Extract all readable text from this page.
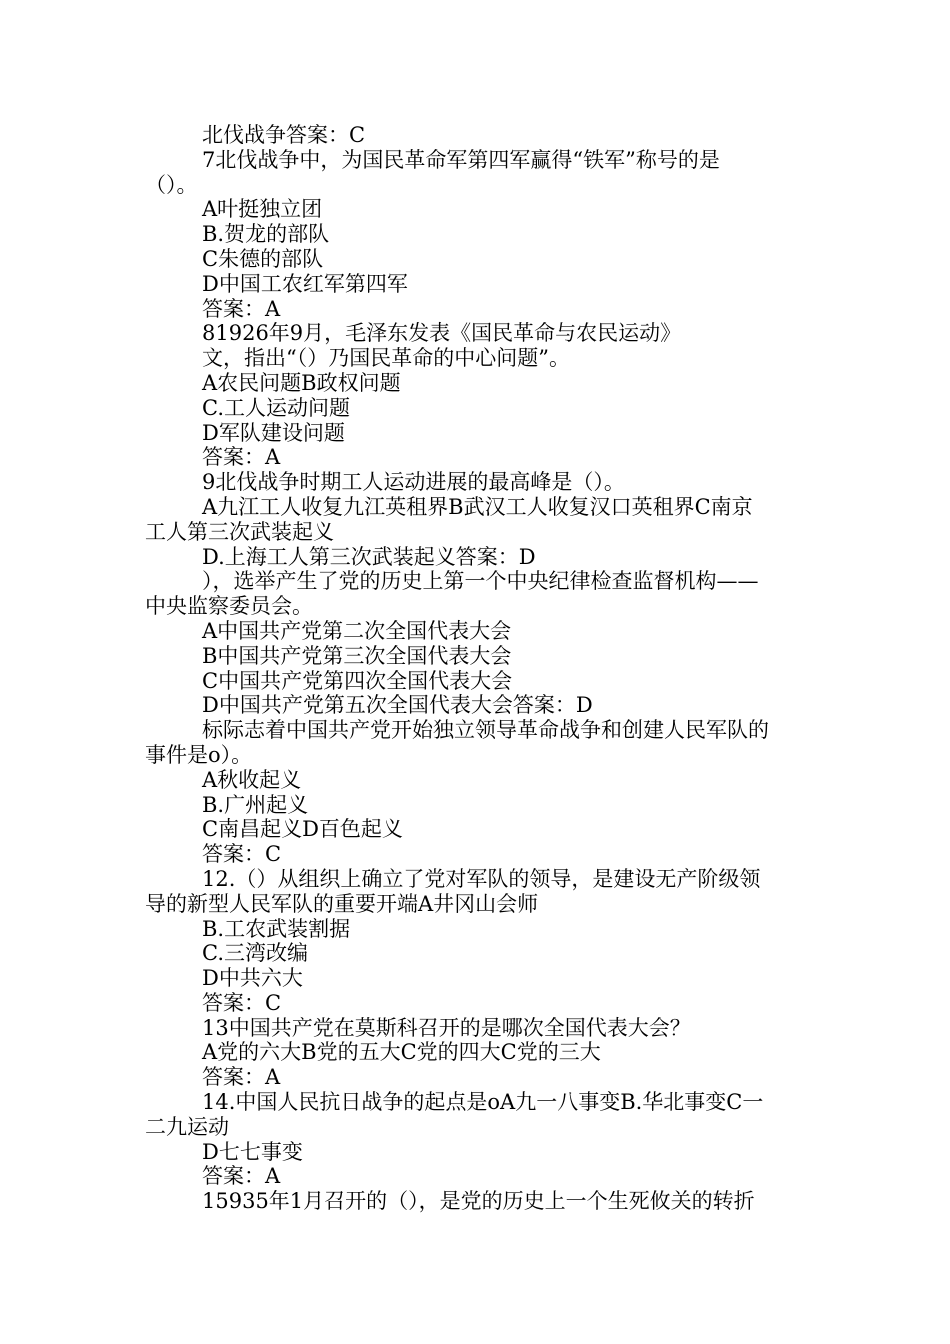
北伐战争答案：C
7北伐战争中，为国民革命军第四军赢得“铁军”称号的是
（）。
A叶挺独立团
B.贺龙的部队
C朱德的部队
D中国工农红军第四军
答案：A
81926年9月，毛泽东发表《国民革命与农民运动》
文，指出“（）乃国民革命的中心问题”。
A农民问题B政权问题
C.工人运动问题
D军队建设问题
答案：A
9北伐战争时期工人运动进展的最高峰是（）。
A九江工人收复九江英租界B武汉工人收复汉口英租界C南京
工人第三次武装起义
D.上海工人第三次武装起义答案：D
），选举产生了党的历史上第一个中央纪律检查监督机构——
中央监察委员会。
A中国共产党第二次全国代表大会
B中国共产党第三次全国代表大会
C中国共产党第四次全国代表大会
D中国共产党第五次全国代表大会答案：D
标际志着中国共产党开始独立领导革命战争和创建人民军队的
事件是o）。
A秋收起义
B.广州起义
C南昌起义D百色起义
答案：C
12.（）从组织上确立了党对军队的领导，是建设无产阶级领
导的新型人民军队的重要开端A井冈山会师
B.工农武装割据
C.三湾改编
D中共六大
答案：C
13中国共产党在莫斯科召开的是哪次全国代表大会？
A党的六大B党的五大C党的四大C党的三大
答案：A
14.中国人民抗日战争的起点是oA九一八事变B.华北事变C一
二九运动
D七七事变
答案：A
15935年1月召开的（），是党的历史上一个生死攸关的转折
